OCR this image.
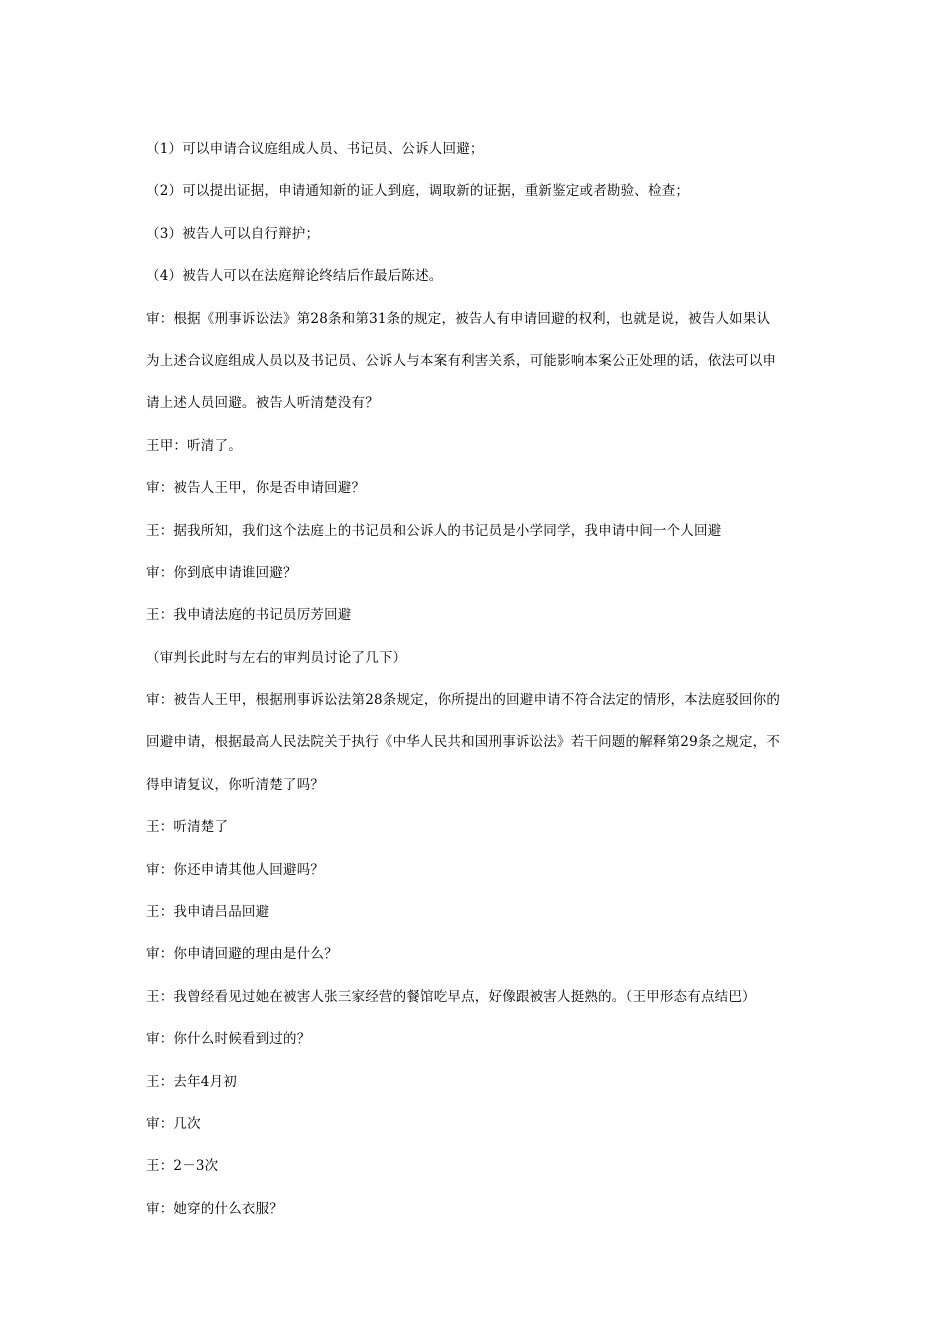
（1）可以申请合议庭组成人员、书记员、公诉人回避；
（2）可以提出证据，申请通知新的证人到庭，调取新的证据，重新鉴定或者勘验、检查；
（3）被告人可以自行辩护；
（4）被告人可以在法庭辩论终结后作最后陈述。
审：根据《刑事诉讼法》第28条和第31条的规定，被告人有申请回避的权利，也就是说，被告人如果认
为上述合议庭组成人员以及书记员、公诉人与本案有利害关系，可能影响本案公正处理的话，依法可以申
请上述人员回避。被告人听清楚没有？
王甲：听清了。
审：被告人王甲，你是否申请回避？
王：据我所知，我们这个法庭上的书记员和公诉人的书记员是小学同学，我申请中间一个人回避
审：你到底申请谁回避？
王：我申请法庭的书记员厉芳回避
（审判长此时与左右的审判员讨论了几下）
审：被告人王甲，根据刑事诉讼法第28条规定，你所提出的回避申请不符合法定的情形，本法庭驳回你的
回避申请，根据最高人民法院关于执行《中华人民共和国刑事诉讼法》若干问题的解释第29条之规定，不
得申请复议，你听清楚了吗？
王：听清楚了
审：你还申请其他人回避吗？
王：我申请吕品回避
审：你申请回避的理由是什么？
王：我曾经看见过她在被害人张三家经营的餐馆吃早点，好像跟被害人挺熟的。（王甲形态有点结巴）
审：你什么时候看到过的？
王：去年4月初
审：几次
王：2－3次
审：她穿的什么衣服？
